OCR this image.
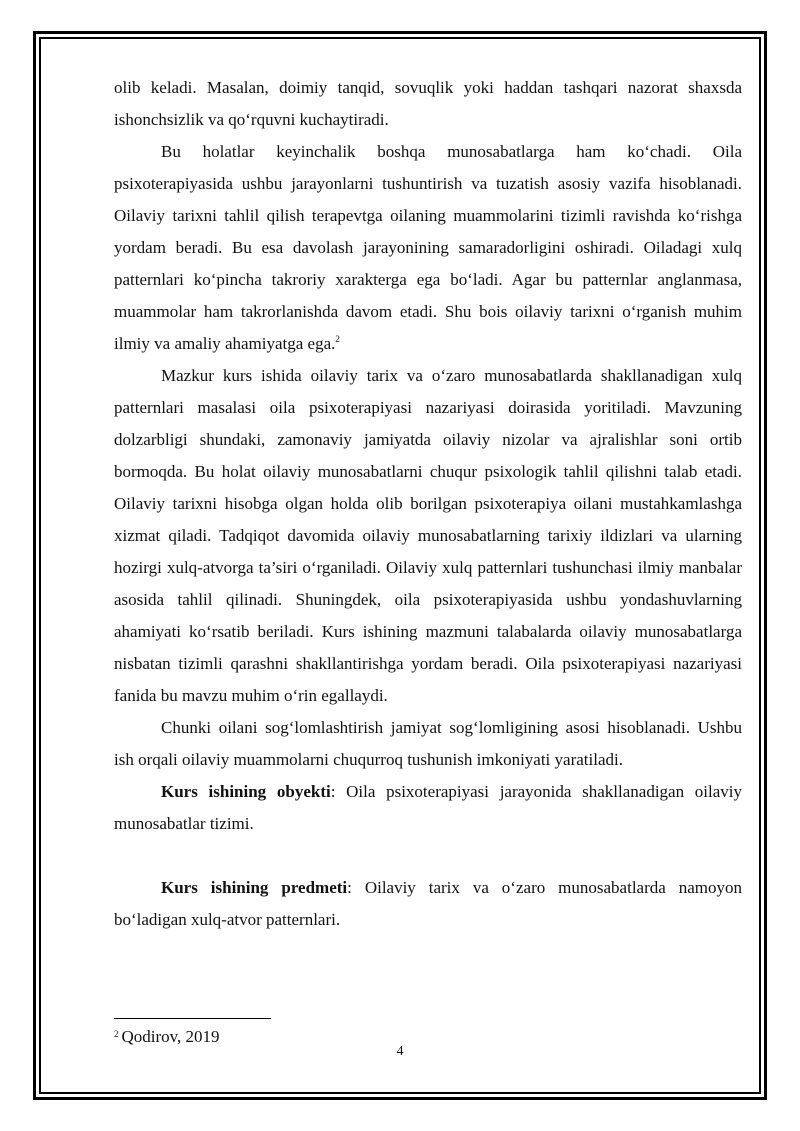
olib keladi. Masalan, doimiy tanqid, sovuqlik yoki haddan tashqari nazorat shaxsda ishonchsizlik va qo‘rquvni kuchaytiradi.

Bu holatlar keyinchalik boshqa munosabatlarga ham ko‘chadi. Oila psixoterapiyasida ushbu jarayonlarni tushuntirish va tuzatish asosiy vazifa hisoblanadi. Oilaviy tarixni tahlil qilish terapevtga oilaning muammolarini tizimli ravishda ko‘rishga yordam beradi. Bu esa davolash jarayonining samaradorligini oshiradi. Oiladagi xulq patternlari ko‘pincha takroriy xarakterga ega bo‘ladi. Agar bu patternlar anglanmasa, muammolar ham takrorlanishda davom etadi. Shu bois oilaviy tarixni o‘rganish muhim ilmiy va amaliy ahamiyatga ega.$^2$

Mazkur kurs ishida oilaviy tarix va o‘zaro munosabatlarda shakllanadigan xulq patternlari masalasi oila psixoterapiyasi nazariyasi doirasida yoritiladi. Mavzuning dolzarbligi shundaki, zamonaviy jamiyatda oilaviy nizolar va ajralishlar soni ortib bormoqda. Bu holat oilaviy munosabatlarni chuqur psixologik tahlil qilishni talab etadi. Oilaviy tarixni hisobga olgan holda olib borilgan psixoterapiya oilani mustahkamlashga xizmat qiladi. Tadqiqot davomida oilaviy munosabatlarning tarixiy ildizlari va ularning hozirgi xulq-atvorga ta’siri o‘rganiladi. Oilaviy xulq patternlari tushunchasi ilmiy manbalar asosida tahlil qilinadi. Shuningdek, oila psixoterapiyasida ushbu yondashuvlarning ahamiyati ko‘rsatib beriladi. Kurs ishining mazmuni talabalarda oilaviy munosabatlarga nisbatan tizimli qarashni shakllantirishga yordam beradi. Oila psixoterapiyasi nazariyasi fanida bu mavzu muhim o‘rin egallaydi.

Chunki oilani sog‘lomlashtirish jamiyat sog‘lomligining asosi hisoblanadi. Ushbu ish orqali oilaviy muammolarni chuqurroq tushunish imkoniyati yaratiladi.

Kurs ishining obyekti: Oila psixoterapiyasi jarayonida shakllanadigan oilaviy munosabatlar tizimi.

Kurs ishining predmeti: Oilaviy tarix va o‘zaro munosabatlarda namoyon bo‘ladigan xulq-atvor patternlari.

$^2$ Qodirov, 2019
4
